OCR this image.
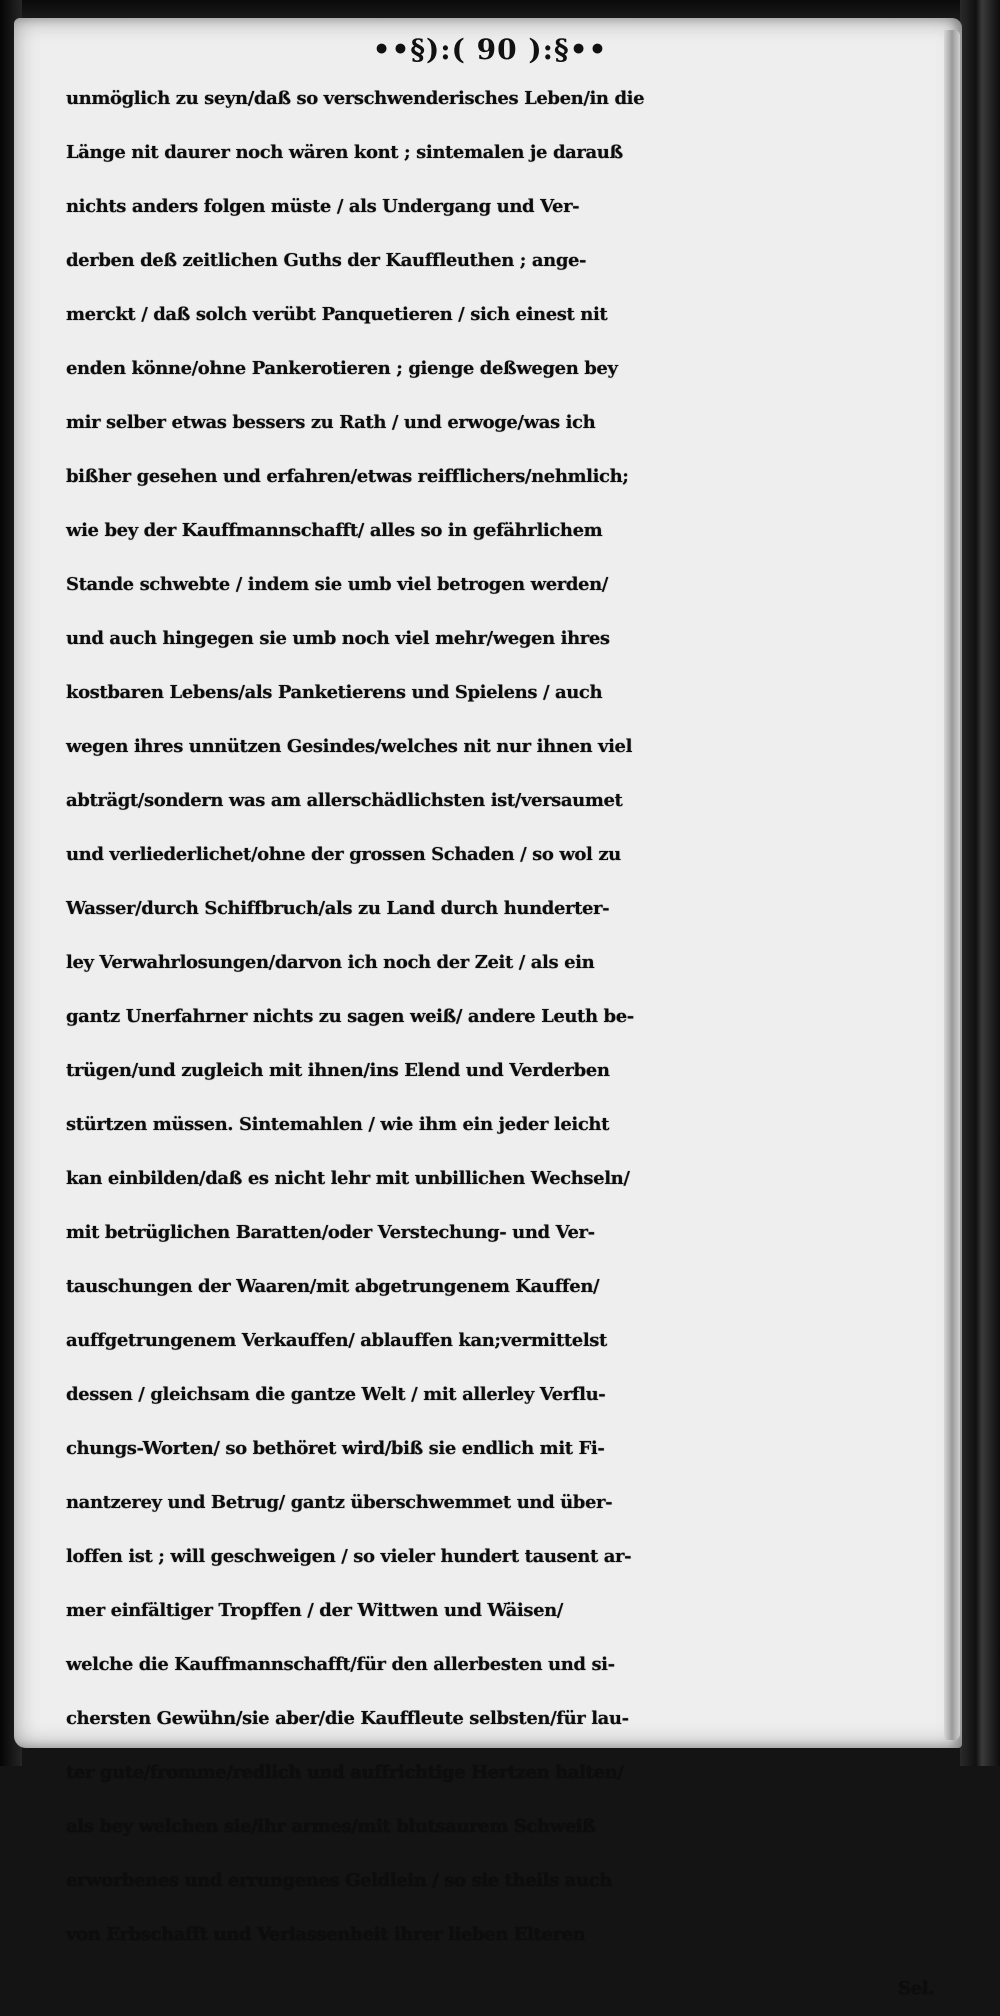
••§):( 90 ):§••
unmöglich zu seyn/daß so verschwenderisches Leben/in die
Länge nit daurer noch wären kont ; sintemalen je darauß
nichts anders folgen müste / als Undergang und Ver-
derben deß zeitlichen Guths der Kauffleuthen ; ange-
merckt / daß solch verübt Panquetieren / sich einest nit
enden könne/ohne Pankerotieren ; gienge deßwegen bey
mir selber etwas bessers zu Rath / und erwoge/was ich
bißher gesehen und erfahren/etwas reifflichers/nehmlich;
wie bey der Kauffmannschafft/ alles so in gefährlichem
Stande schwebte / indem sie umb viel betrogen werden/
und auch hingegen sie umb noch viel mehr/wegen ihres
kostbaren Lebens/als Panketierens und Spielens / auch
wegen ihres unnützen Gesindes/welches nit nur ihnen viel
abträgt/sondern was am allerschädlichsten ist/versaumet
und verliederlichet/ohne der grossen Schaden / so wol zu
Wasser/durch Schiffbruch/als zu Land durch hunderter-
ley Verwahrlosungen/darvon ich noch der Zeit / als ein
gantz Unerfahrner nichts zu sagen weiß/ andere Leuth be-
trügen/und zugleich mit ihnen/ins Elend und Verderben
stürtzen müssen. Sintemahlen / wie ihm ein jeder leicht
kan einbilden/daß es nicht lehr mit unbillichen Wechseln/
mit betrüglichen Baratten/oder Verstechung- und Ver-
tauschungen der Waaren/mit abgetrungenem Kauffen/
auffgetrungenem Verkauffen/ ablauffen kan;vermittelst
dessen / gleichsam die gantze Welt / mit allerley Verflu-
chungs-Worten/ so bethöret wird/biß sie endlich mit Fi-
nantzerey und Betrug/ gantz überschwemmet und über-
loffen ist ; will geschweigen / so vieler hundert tausent ar-
mer einfältiger Tropffen / der Wittwen und Wäisen/
welche die Kauffmannschafft/für den allerbesten und si-
chersten Gewühn/sie aber/die Kauffleute selbsten/für lau-
ter gute/fromme/redlich und auffrichtige Hertzen halten/
als bey welchen sie/ihr armes/mit blutsaurem Schweiß
erworbenes und errungenes Geldlein / so sie theils auch
von Erbschafft und Verlassenheit ihrer lieben Elteren
Sel.
